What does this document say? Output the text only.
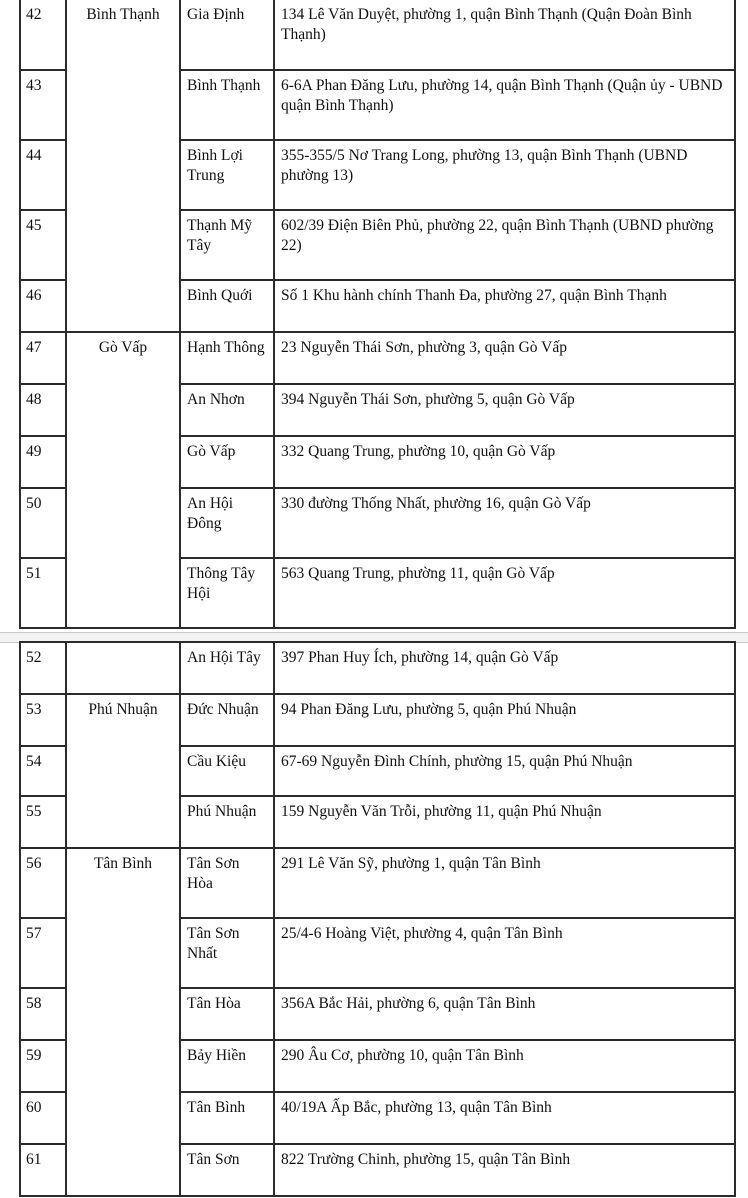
42	Bình Thạnh	Gia Định	134 Lê Văn Duyệt, phường 1, quận Bình Thạnh (Quận Đoàn Bình Thạnh)
43		Bình Thạnh	6-6A Phan Đăng Lưu, phường 14, quận Bình Thạnh (Quận ủy - UBND quận Bình Thạnh)
44		Bình Lợi Trung	355-355/5 Nơ Trang Long, phường 13, quận Bình Thạnh (UBND phường 13)
45		Thạnh Mỹ Tây	602/39 Điện Biên Phủ, phường 22, quận Bình Thạnh (UBND phường 22)
46		Bình Quới	Số 1 Khu hành chính Thanh Đa, phường 27, quận Bình Thạnh
47	Gò Vấp	Hạnh Thông	23 Nguyễn Thái Sơn, phường 3, quận Gò Vấp
48		An Nhơn	394 Nguyễn Thái Sơn, phường 5, quận Gò Vấp
49		Gò Vấp	332 Quang Trung, phường 10, quận Gò Vấp
50		An Hội Đông	330 đường Thống Nhất, phường 16, quận Gò Vấp
51		Thông Tây Hội	563 Quang Trung, phường 11, quận Gò Vấp
52		An Hội Tây	397 Phan Huy Ích, phường 14, quận Gò Vấp
53	Phú Nhuận	Đức Nhuận	94 Phan Đăng Lưu, phường 5, quận Phú Nhuận
54		Cầu Kiệu	67-69 Nguyễn Đình Chính, phường 15, quận Phú Nhuận
55		Phú Nhuận	159 Nguyễn Văn Trỗi, phường 11, quận Phú Nhuận
56	Tân Bình	Tân Sơn Hòa	291 Lê Văn Sỹ, phường 1, quận Tân Bình
57		Tân Sơn Nhất	25/4-6 Hoàng Việt, phường 4, quận Tân Bình
58		Tân Hòa	356A Bắc Hải, phường 6, quận Tân Bình
59		Bảy Hiền	290 Âu Cơ, phường 10, quận Tân Bình
60		Tân Bình	40/19A Ấp Bắc, phường 13, quận Tân Bình
61		Tân Sơn	822 Trường Chinh, phường 15, quận Tân Bình
